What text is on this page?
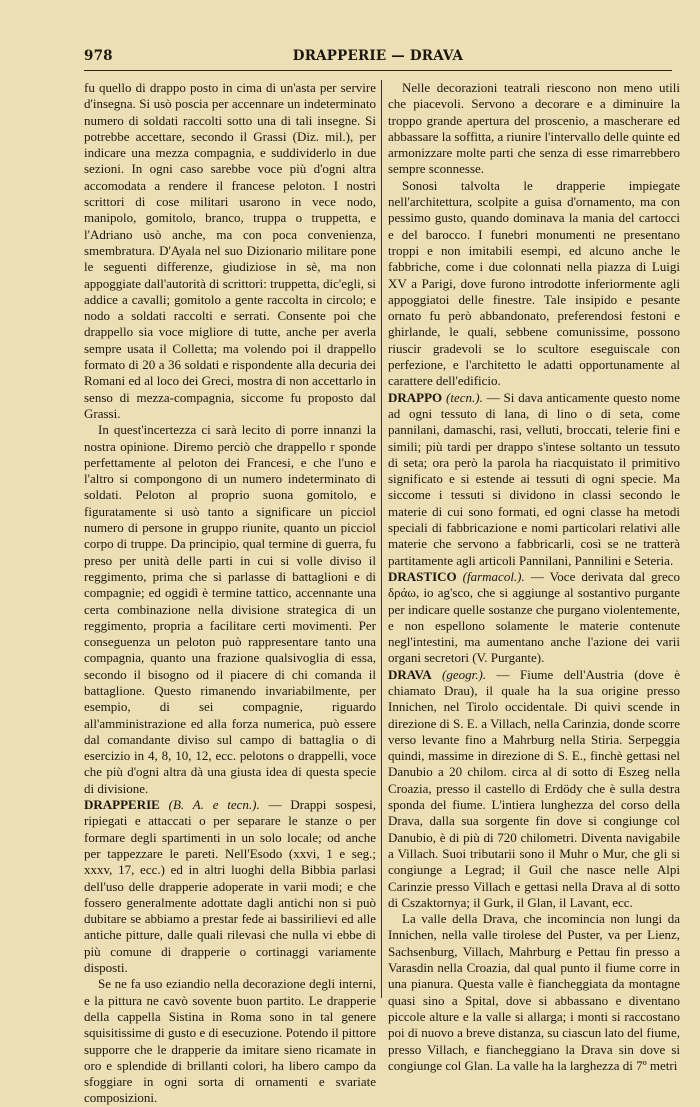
978	DRAPPERIE — DRAVA

fu quello di drappo posto in cima di un'asta per servire d'insegna. Si usò poscia per accennare un indeterminato numero di soldati raccolti sotto una di tali insegne. Si potrebbe accettare, secondo il Grassi (Diz. mil.), per indicare una mezza compagnia, e suddividerlo in due sezioni. In ogni caso sarebbe voce più d'ogni altra accomodata a rendere il francese peloton. I nostri scrittori di cose militari usarono in vece nodo, manipolo, gomitolo, branco, truppa o truppetta, e l'Adriano usò anche, ma con poca convenienza, smembratura. D'Ayala nel suo Dizionario militare pone le seguenti differenze, giudiziose in sè, ma non appoggiate dall'autorità di scrittori: truppetta, dic'egli, si addice a cavalli; gomitolo a gente raccolta in circolo; e nodo a soldati raccolti e serrati. Consente poi che drappello sia voce migliore di tutte, anche per averla sempre usata il Colletta; ma volendo poi il drappello formato di 20 a 36 soldati e rispondente alla decuria dei Romani ed al loco dei Greci, mostra di non accettarlo in senso di mezza-compagnia, siccome fu proposto dal Grassi.

In quest'incertezza ci sarà lecito di porre innanzi la nostra opinione. Diremo perciò che drappello r sponde perfettamente al peloton dei Francesi, e che l'uno e l'altro si compongono di un numero indeterminato di soldati. Peloton al proprio suona gomitolo, e figuratamente si usò tanto a significare un picciol numero di persone in gruppo riunite, quanto un picciol corpo di truppe. Da principio, qual termine di guerra, fu preso per unità delle parti in cui si volle diviso il reggimento, prima che si parlasse di battaglioni e di compagnie; ed oggidì è termine tattico, accennante una certa combinazione nella divisione strategica di un reggimento, propria a facilitare certi movimenti. Per conseguenza un peloton può rappresentare tanto una compagnia, quanto una frazione qualsivoglia di essa, secondo il bisogno od il piacere di chi comanda il battaglione. Questo rimanendo invariabilmente, per esempio, di sei compagnie, riguardo all'amministrazione ed alla forza numerica, può essere dal comandante diviso sul campo di battaglia o di esercizio in 4, 8, 10, 12, ecc. pelotons o drappelli, voce che più d'ogni altra dà una giusta idea di questa specie di divisione.

DRAPPERIE (B. A. e tecn.). — Drappi sospesi, ripiegati e attaccati o per separare le stanze o per formare degli spartimenti in un solo locale; od anche per tappezzare le pareti. Nell'Esodo (xxvi, 1 e seg.; xxxv, 17, ecc.) ed in altri luoghi della Bibbia parlasi dell'uso delle drapperie adoperate in varii modi; e che fossero generalmente adottate dagli antichi non si può dubitare se abbiamo a prestar fede ai bassirilievi ed alle antiche pitture, dalle quali rilevasi che nulla vi ebbe di più comune di drapperie o cortinaggi variamente disposti.

Se ne fa uso eziandio nella decorazione degli interni, e la pittura ne cavò sovente buon partito. Le drapperie della cappella Sistina in Roma sono in tal genere squisitissime di gusto e di esecuzione. Potendo il pittore supporre che le drapperie da imitare sieno ricamate in oro e splendide di brillanti colori, ha libero campo da sfoggiare in ogni sorta di ornamenti e svariate composizioni.

Nelle decorazioni teatrali riescono non meno utili che piacevoli. Servono a decorare e a diminuire la troppo grande apertura del proscenio, a mascherare ed abbassare la soffitta, a riunire l'intervallo delle quinte ed armonizzare molte parti che senza di esse rimarrebbero sempre sconnesse.

Sonosi talvolta le drapperie impiegate nell'architettura, scolpite a guisa d'ornamento, ma con pessimo gusto, quando dominava la mania del cartocci e del barocco. I funebri monumenti ne presentano troppi e non imitabili esempi, ed alcuno anche le fabbriche, come i due colonnati nella piazza di Luigi XV a Parigi, dove furono introdotte inferiormente agli appoggiatoi delle finestre. Tale insipido e pesante ornato fu però abbandonato, preferendosi festoni e ghirlande, le quali, sebbene comunissime, possono riuscir gradevoli se lo scultore eseguiscale con perfezione, e l'architetto le adatti opportunamente al carattere dell'edificio.

DRAPPO (tecn.). — Si dava anticamente questo nome ad ogni tessuto di lana, di lino o di seta, come pannilani, damaschi, rasi, velluti, broccati, telerie fini e simili; più tardi per drappo s'intese soltanto un tessuto di seta; ora però la parola ha riacquistato il primitivo significato e si estende ai tessuti di ogni specie. Ma siccome i tessuti si dividono in classi secondo le materie di cui sono formati, ed ogni classe ha metodi speciali di fabbricazione e nomi particolari relativi alle materie che servono a fabbricarli, così se ne tratterà partitamente agli articoli Pannilani, Pannilini e Seteria.

DRASTICO (farmacol.). — Voce derivata dal greco δράω, io ag'sco, che si aggiunge al sostantivo purgante per indicare quelle sostanze che purgano violentemente, e non espellono solamente le materie contenute negl'intestini, ma aumentano anche l'azione dei varii organi secretori (V. Purgante).

DRAVA (geogr.). — Fiume dell'Austria (dove è chiamato Drau), il quale ha la sua origine presso Innichen, nel Tirolo occidentale. Di quivi scende in direzione di S. E. a Villach, nella Carinzia, donde scorre verso levante fino a Mahrburg nella Stiria. Serpeggia quindi, massime in direzione di S. E., finchè gettasi nel Danubio a 20 chilom. circa al di sotto di Eszeg nella Croazia, presso il castello di Erdödy che è sulla destra sponda del fiume. L'intiera lunghezza del corso della Drava, dalla sua sorgente fin dove si congiunge col Danubio, è di più di 720 chilometri. Diventa navigabile a Villach. Suoi tributarii sono il Muhr o Mur, che gli si congiunge a Legrad; il Guil che nasce nelle Alpi Carinzie presso Villach e gettasi nella Drava al di sotto di Cszaktornya; il Gurk, il Glan, il Lavant, ecc.

La valle della Drava, che incomincia non lungi da Innichen, nella valle tirolese del Puster, va per Lienz, Sachsenburg, Villach, Mahrburg e Pettau fin presso a Varasdin nella Croazia, dal qual punto il fiume corre in una pianura. Questa valle è fiancheggiata da montagne quasi sino a Spital, dove si abbassano e diventano piccole alture e la valle si allarga; i monti si raccostano poi di nuovo a breve distanza, su ciascun lato del fiume, presso Villach, e fiancheggiano la Drava sin dove si congiunge col Glan. La valle ha la larghezza di 7º metri
